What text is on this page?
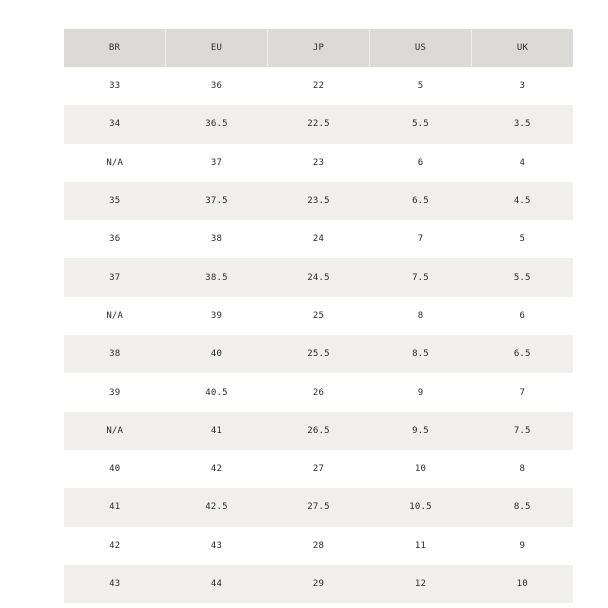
BR	EU	JP	US	UK
33	36	22	5	3
34	36.5	22.5	5.5	3.5
N/A	37	23	6	4
35	37.5	23.5	6.5	4.5
36	38	24	7	5
37	38.5	24.5	7.5	5.5
N/A	39	25	8	6
38	40	25.5	8.5	6.5
39	40.5	26	9	7
N/A	41	26.5	9.5	7.5
40	42	27	10	8
41	42.5	27.5	10.5	8.5
42	43	28	11	9
43	44	29	12	10
